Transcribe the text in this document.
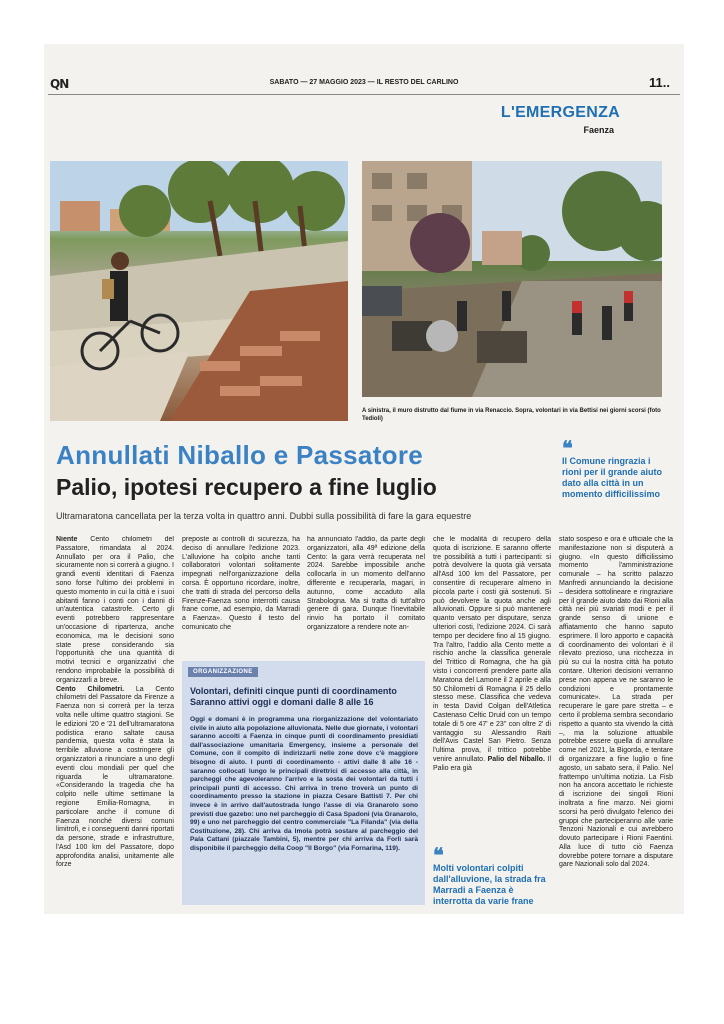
QN	SABATO — 27 MAGGIO 2023 — IL RESTO DEL CARLINO	11..
L'EMERGENZA
Faenza
A sinistra, il muro distrutto dal fiume in via Renaccio. Sopra, volontari in via Bettisi nei giorni scorsi (foto Tedioli)
Annullati Niballo e Passatore
Palio, ipotesi recupero a fine luglio
Ultramaratona cancellata per la terza volta in quattro anni. Dubbi sulla possibilità di fare la gara equestre
❝
Il Comune ringrazia i rioni per il grande aiuto dato alla città in un momento difficilissimo
Niente Cento chilometri del Passatore, rimandata al 2024. Annullato per ora il Palio, che sicuramente non si correrà a giugno. I grandi eventi identitari di Faenza sono forse l'ultimo dei problemi in questo momento in cui la città e i suoi abitanti fanno i conti con i danni di un'autentica catastrofe. Certo gli eventi potrebbero rappresentare un'occasione di ripartenza, anche economica, ma le decisioni sono state prese considerando sia l'opportunità che una quantità di motivi tecnici e organizzativi che rendono improbabile la possibilità di organizzarli a breve.
Cento Chilometri. La Cento chilometri del Passatore da Firenze a Faenza non si correrà per la terza volta nelle ultime quattro stagioni. Se le edizioni '20 e '21 dell'ultramaratona podistica erano saltate causa pandemia, questa volta è stata la terribile alluvione a costringere gli organizzatori a rinunciare a uno degli eventi clou mondiali per quel che riguarda le ultramaratone. «Considerando la tragedia che ha colpito nelle ultime settimane la regione Emilia-Romagna, in particolare anche il comune di Faenza nonché diversi comuni limitrofi, e i conseguenti danni riportati da persone, strade e infrastrutture, l'Asd 100 km del Passatore, dopo approfondita analisi, unitamente alle forze
preposte ai controlli di sicurezza, ha deciso di annullare l'edizione 2023. L'alluvione ha colpito anche tanti collaboratori volontari solitamente impegnati nell'organizzazione della corsa. È opportuno ricordare, inoltre, che tratti di strada del percorso della Firenze-Faenza sono interrotti causa frane come, ad esempio, da Marradi a Faenza». Questo il testo del comunicato che
ha annunciato l'addio, da parte degli organizzatori, alla 49ª edizione della Cento: la gara verrà recuperata nel 2024. Sarebbe impossibile anche collocarla in un momento dell'anno differente e recuperarla, magari, in autunno, come accaduto alla Strabologna. Ma si tratta di tutt'altro genere di gara. Dunque l'inevitabile rinvio ha portato il comitato organizzatore a rendere note an-
ORGANIZZAZIONE
Volontari, definiti cinque punti di coordinamento Saranno attivi oggi e domani dalle 8 alle 16
Oggi e domani è in programma una riorganizzazione del volontariato civile in aiuto alla popolazione alluvionata. Nelle due giornate, i volontari saranno accolti a Faenza in cinque punti di coordinamento presidiati dall'associazione umanitaria Emergency, insieme a personale del Comune, con il compito di indirizzarli nelle zone dove c'è maggiore bisogno di aiuto. I punti di coordinamento - attivi dalle 8 alle 16 - saranno collocati lungo le principali direttrici di accesso alla città, in parcheggi che agevoleranno l'arrivo e la sosta dei volontari da tutti i principali punti di accesso. Chi arriva in treno troverà un punto di coordinamento presso la stazione in piazza Cesare Battisti 7. Per chi invece è in arrivo dall'autostrada lungo l'asse di via Granarolo sono previsti due gazebo: uno nel parcheggio di Casa Spadoni (via Granarolo, 99) e uno nel parcheggio del centro commerciale "La Filanda" (via della Costituzione, 28). Chi arriva da Imola potrà sostare al parcheggio del Pala Cattani (piazzale Tambini, 5), mentre per chi arriva da Forlì sarà disponibile il parcheggio della Coop "Il Borgo" (via Fornarina, 119).
che le modalità di recupero della quota di iscrizione. E saranno offerte tre possibilità a tutti i partecipanti: si potrà devolvere la quota già versata all'Asd 100 km del Passatore, per consentire di recuperare almeno in piccola parte i costi già sostenuti. Si può devolvere la quota anche agli alluvionati. Oppure si può mantenere quanto versato per disputare, senza ulteriori costi, l'edizione 2024. Ci sarà tempo per decidere fino al 15 giugno. Tra l'altro, l'addio alla Cento mette a rischio anche la classifica generale del Trittico di Romagna, che ha già visto i concorrenti prendere parte alla Maratona del Lamone il 2 aprile e alla 50 Chilometri di Romagna il 25 dello stesso mese. Classifica che vedeva in testa David Colgan dell'Atletica Castenaso Celtic Druid con un tempo totale di 5 ore 47' e 23'' con oltre 2' di vantaggio su Alessandro Raiti dell'Avis Castel San Pietro. Senza l'ultima prova, il trittico potrebbe venire annullato. Palio del Niballo. Il Palio era già
❝
Molti volontari colpiti dall'alluvione, la strada fra Marradi a Faenza è interrotta da varie frane
stato sospeso e ora è ufficiale che la manifestazione non si disputerà a giugno. «In questo difficilissimo momento l'amministrazione comunale – ha scritto palazzo Manfredi annunciando la decisione – desidera sottolineare e ringraziare per il grande aiuto dato dai Rioni alla città nei più svariati modi e per il grande senso di unione e affiatamento che hanno saputo esprimere. Il loro apporto e capacità di coordinamento dei volontari è il rilevato prezioso, una ricchezza in più su cui la nostra città ha potuto contare. Ulteriori decisioni verranno prese non appena ve ne saranno le condizioni e prontamente comunicate». La strada per recuperare le gare pare stretta – e certo il problema sembra secondario rispetto a quanto sta vivendo la città –, ma la soluzione attuabile potrebbe essere quella di annullare come nel 2021, la Bigorda, e tentare di organizzare a fine luglio o fine agosto, un sabato sera, il Palio. Nel frattempo un'ultima notizia. La Fisb non ha ancora accettato le richieste di iscrizione dei singoli Rioni inoltrata a fine marzo. Nei giorni scorsi ha però divulgato l'elenco dei gruppi che parteciperanno alle varie Tenzoni Nazionali e cui avrebbero dovuto partecipare i Rioni Faentini. Alla luce di tutto ciò Faenza dovrebbe potere tornare a disputare gare Nazionali solo dal 2024.
